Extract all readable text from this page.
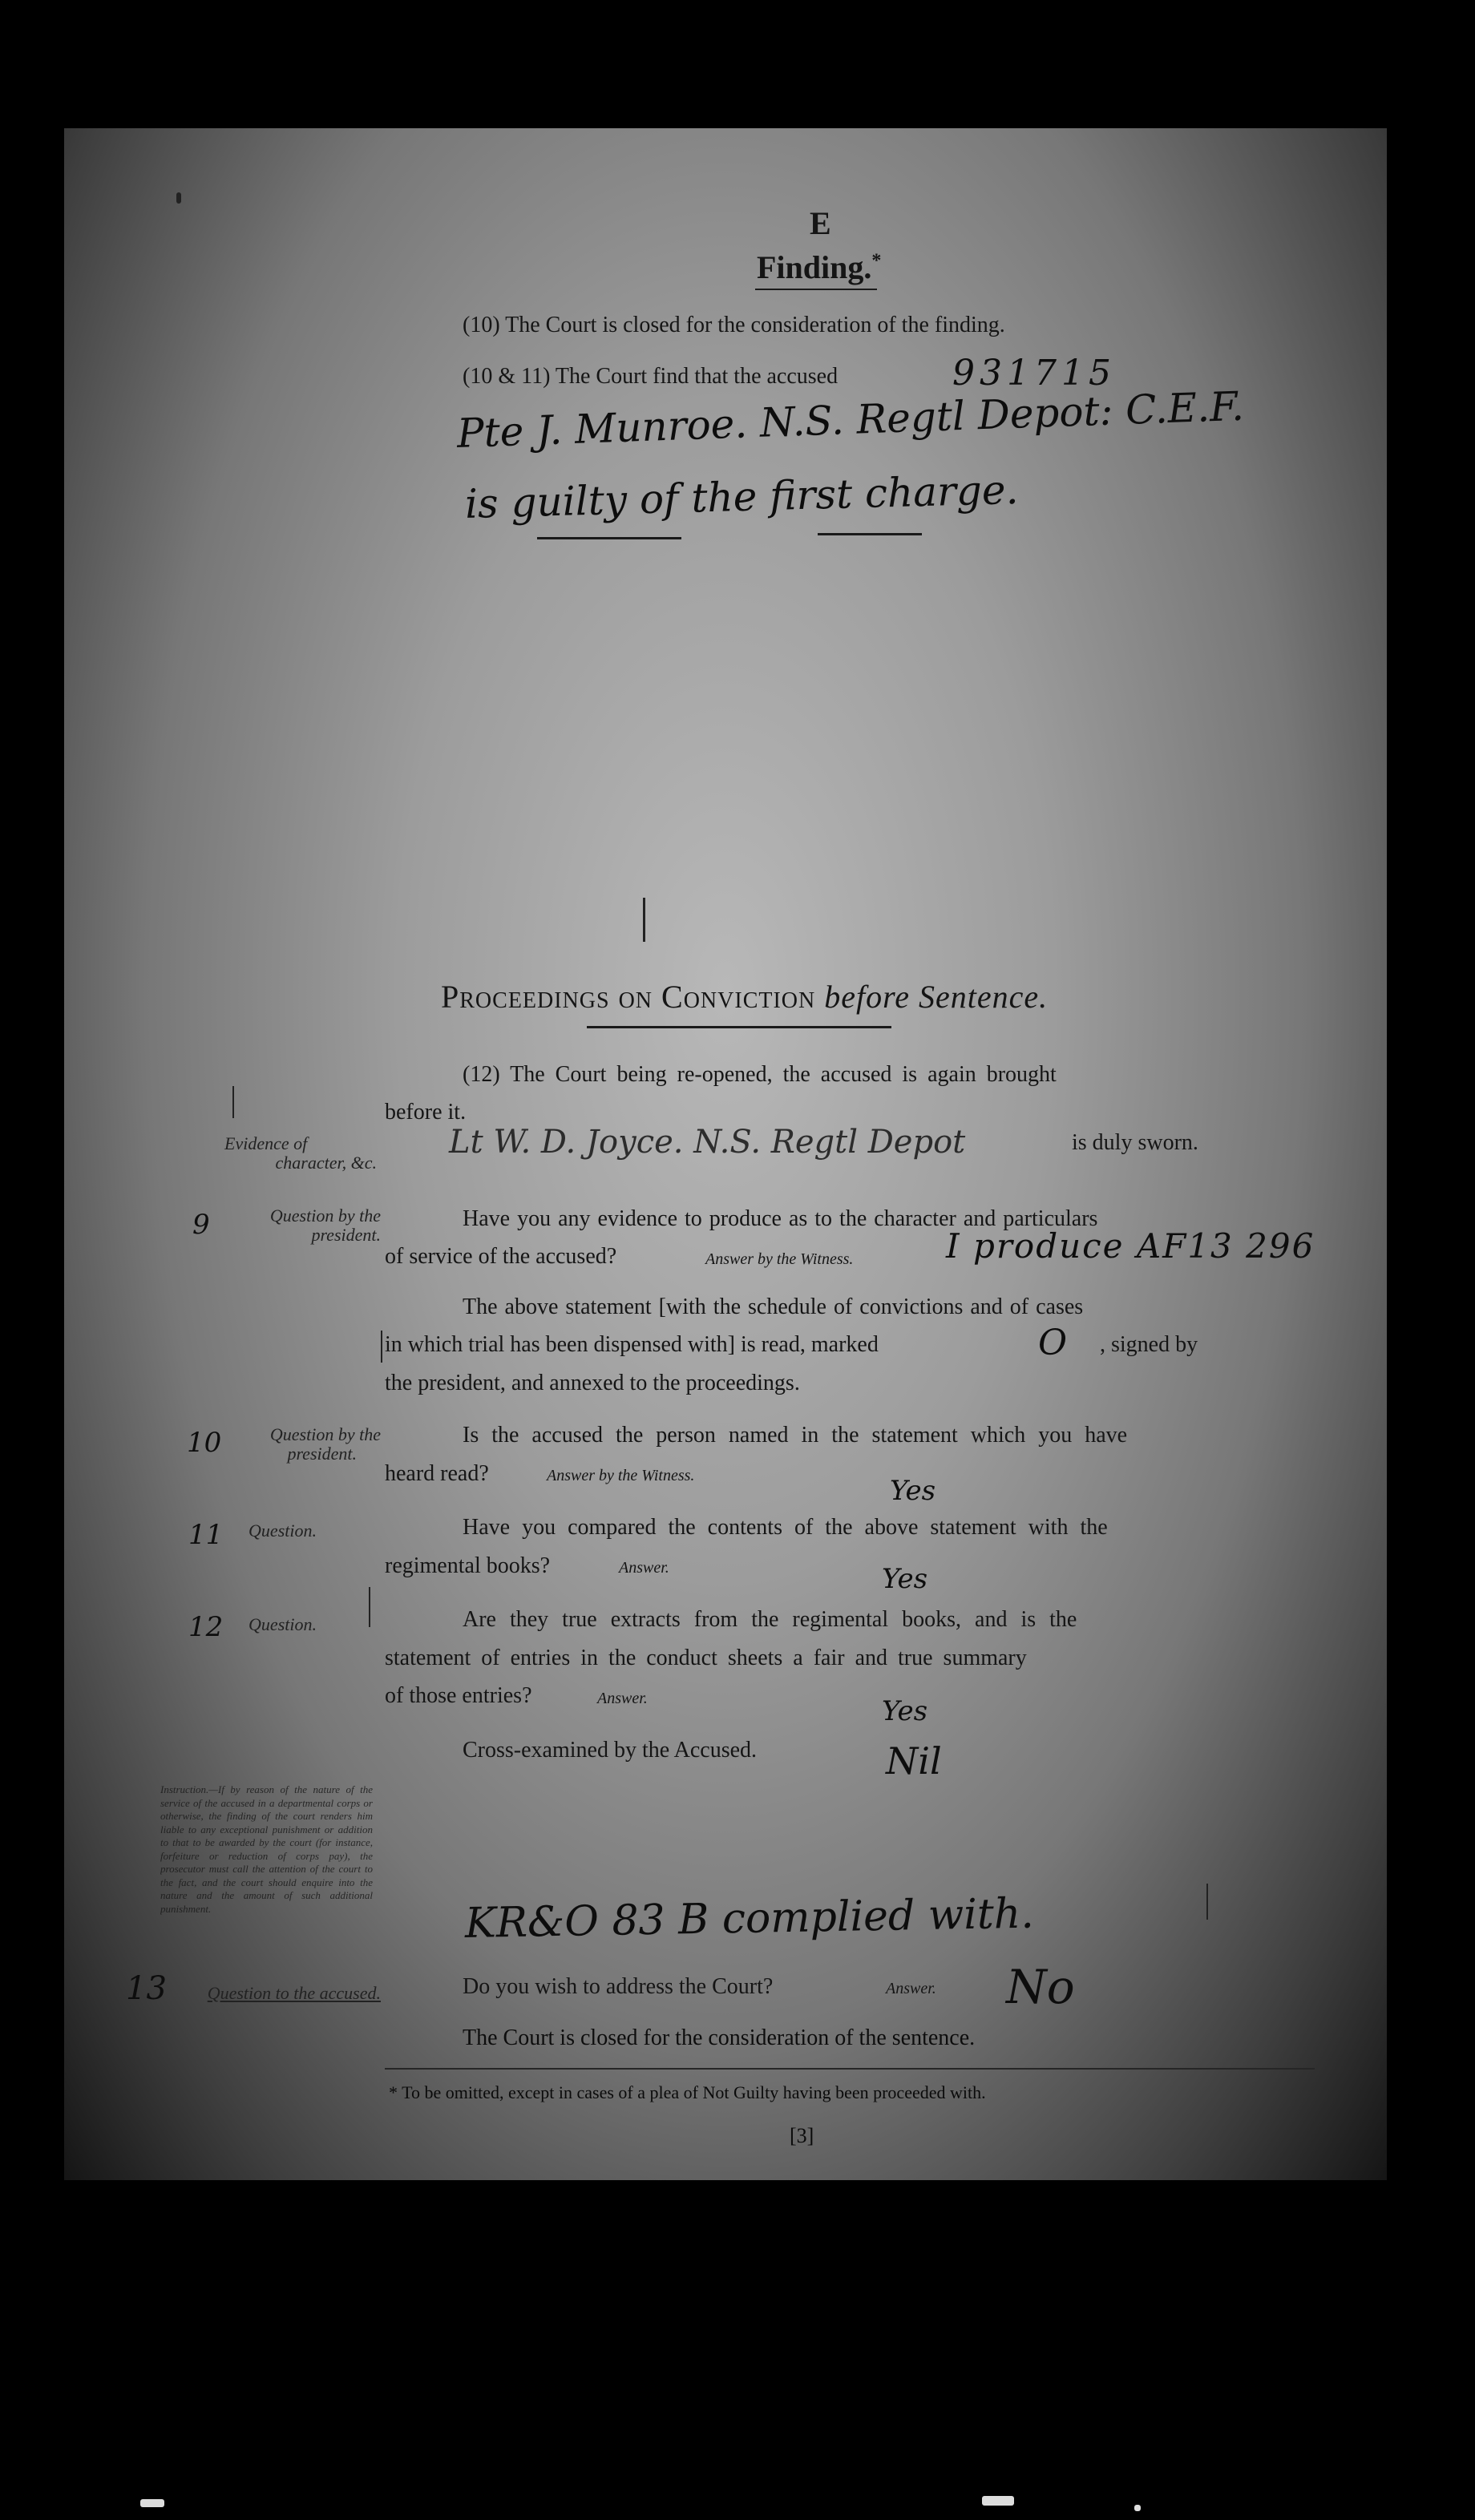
E
Finding.*
(10) The Court is closed for the consideration of the finding.
(10 & 11) The Court find that the accused	931715
Pte J. Munroe. N.S. Regtl Depot: C.E.F.
is guilty of the first charge.
Proceedings on Conviction before Sentence.
(12) The Court being re-opened, the accused is again brought
before it.
Evidence of
character, &c.
Lt W. D. Joyce. N.S. Regtl Depot	is duly sworn.
9	Question by the
president.
Have you any evidence to produce as to the character and particulars
of service of the accused?	Answer by the Witness.	I produce AF13 296
The above statement [with the schedule of convictions and of cases
in which trial has been dispensed with] is read, marked	O , signed by
the president, and annexed to the proceedings.
10	Question by the
president.
Is the accused the person named in the statement which you have
heard read?	Answer by the Witness.	Yes
11	Question.	Have you compared the contents of the above statement with the
regimental books?	Answer.	Yes
12	Question.	Are they true extracts from the regimental books, and is the
statement of entries in the conduct sheets a fair and true summary
of those entries?	Answer.	Yes
Cross-examined by the Accused.	Nil
Instruction.—If by reason of the nature of the service of the accused in a departmental corps or otherwise, the finding of the court renders him liable to any exceptional punishment or addition to that to be awarded by the court (for instance, forfeiture or reduction of corps pay), the prosecutor must call the attention of the court to the fact, and the court should enquire into the nature and the amount of such additional punishment.	KR&O 83 B complied with.
13	Question to the accused.	Do you wish to address the Court?	Answer. No
The Court is closed for the consideration of the sentence.
* To be omitted, except in cases of a plea of Not Guilty having been proceeded with.
[3]
